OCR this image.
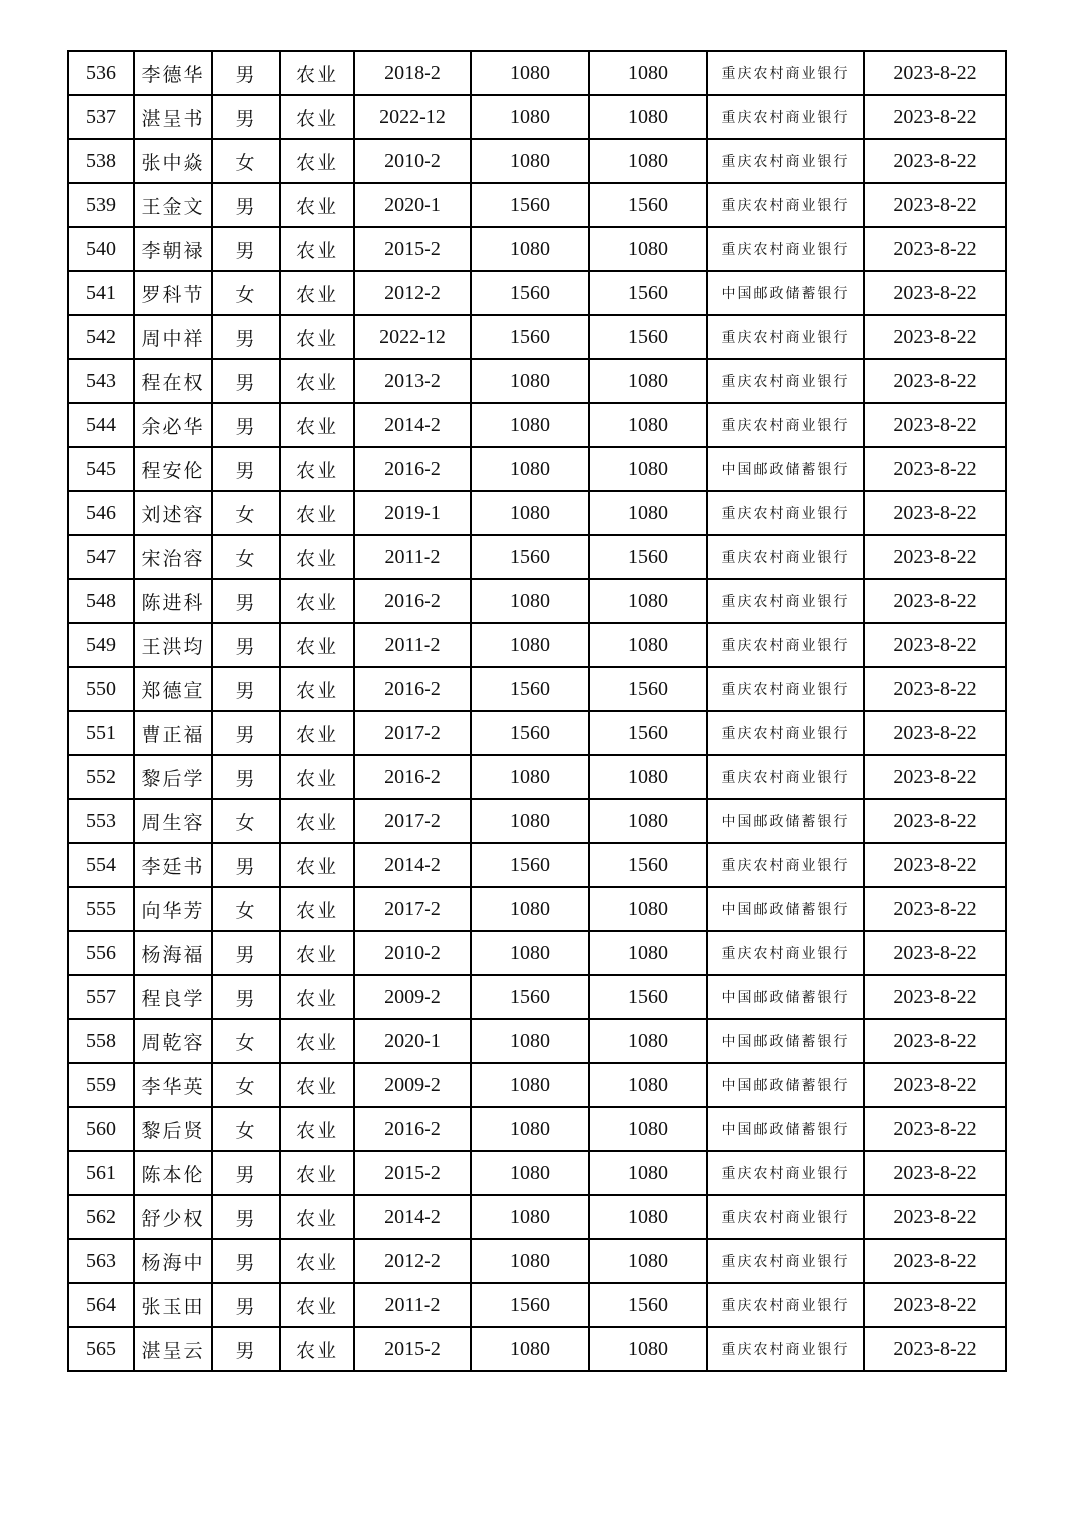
536	李德华	男	农业	2018-2	1080	1080	重庆农村商业银行	2023-8-22
537	湛呈书	男	农业	2022-12	1080	1080	重庆农村商业银行	2023-8-22
538	张中焱	女	农业	2010-2	1080	1080	重庆农村商业银行	2023-8-22
539	王金文	男	农业	2020-1	1560	1560	重庆农村商业银行	2023-8-22
540	李朝禄	男	农业	2015-2	1080	1080	重庆农村商业银行	2023-8-22
541	罗科节	女	农业	2012-2	1560	1560	中国邮政储蓄银行	2023-8-22
542	周中祥	男	农业	2022-12	1560	1560	重庆农村商业银行	2023-8-22
543	程在权	男	农业	2013-2	1080	1080	重庆农村商业银行	2023-8-22
544	余必华	男	农业	2014-2	1080	1080	重庆农村商业银行	2023-8-22
545	程安伦	男	农业	2016-2	1080	1080	中国邮政储蓄银行	2023-8-22
546	刘述容	女	农业	2019-1	1080	1080	重庆农村商业银行	2023-8-22
547	宋治容	女	农业	2011-2	1560	1560	重庆农村商业银行	2023-8-22
548	陈进科	男	农业	2016-2	1080	1080	重庆农村商业银行	2023-8-22
549	王洪均	男	农业	2011-2	1080	1080	重庆农村商业银行	2023-8-22
550	郑德宣	男	农业	2016-2	1560	1560	重庆农村商业银行	2023-8-22
551	曹正福	男	农业	2017-2	1560	1560	重庆农村商业银行	2023-8-22
552	黎后学	男	农业	2016-2	1080	1080	重庆农村商业银行	2023-8-22
553	周生容	女	农业	2017-2	1080	1080	中国邮政储蓄银行	2023-8-22
554	李廷书	男	农业	2014-2	1560	1560	重庆农村商业银行	2023-8-22
555	向华芳	女	农业	2017-2	1080	1080	中国邮政储蓄银行	2023-8-22
556	杨海福	男	农业	2010-2	1080	1080	重庆农村商业银行	2023-8-22
557	程良学	男	农业	2009-2	1560	1560	中国邮政储蓄银行	2023-8-22
558	周乾容	女	农业	2020-1	1080	1080	中国邮政储蓄银行	2023-8-22
559	李华英	女	农业	2009-2	1080	1080	中国邮政储蓄银行	2023-8-22
560	黎后贤	女	农业	2016-2	1080	1080	中国邮政储蓄银行	2023-8-22
561	陈本伦	男	农业	2015-2	1080	1080	重庆农村商业银行	2023-8-22
562	舒少权	男	农业	2014-2	1080	1080	重庆农村商业银行	2023-8-22
563	杨海中	男	农业	2012-2	1080	1080	重庆农村商业银行	2023-8-22
564	张玉田	男	农业	2011-2	1560	1560	重庆农村商业银行	2023-8-22
565	湛呈云	男	农业	2015-2	1080	1080	重庆农村商业银行	2023-8-22
